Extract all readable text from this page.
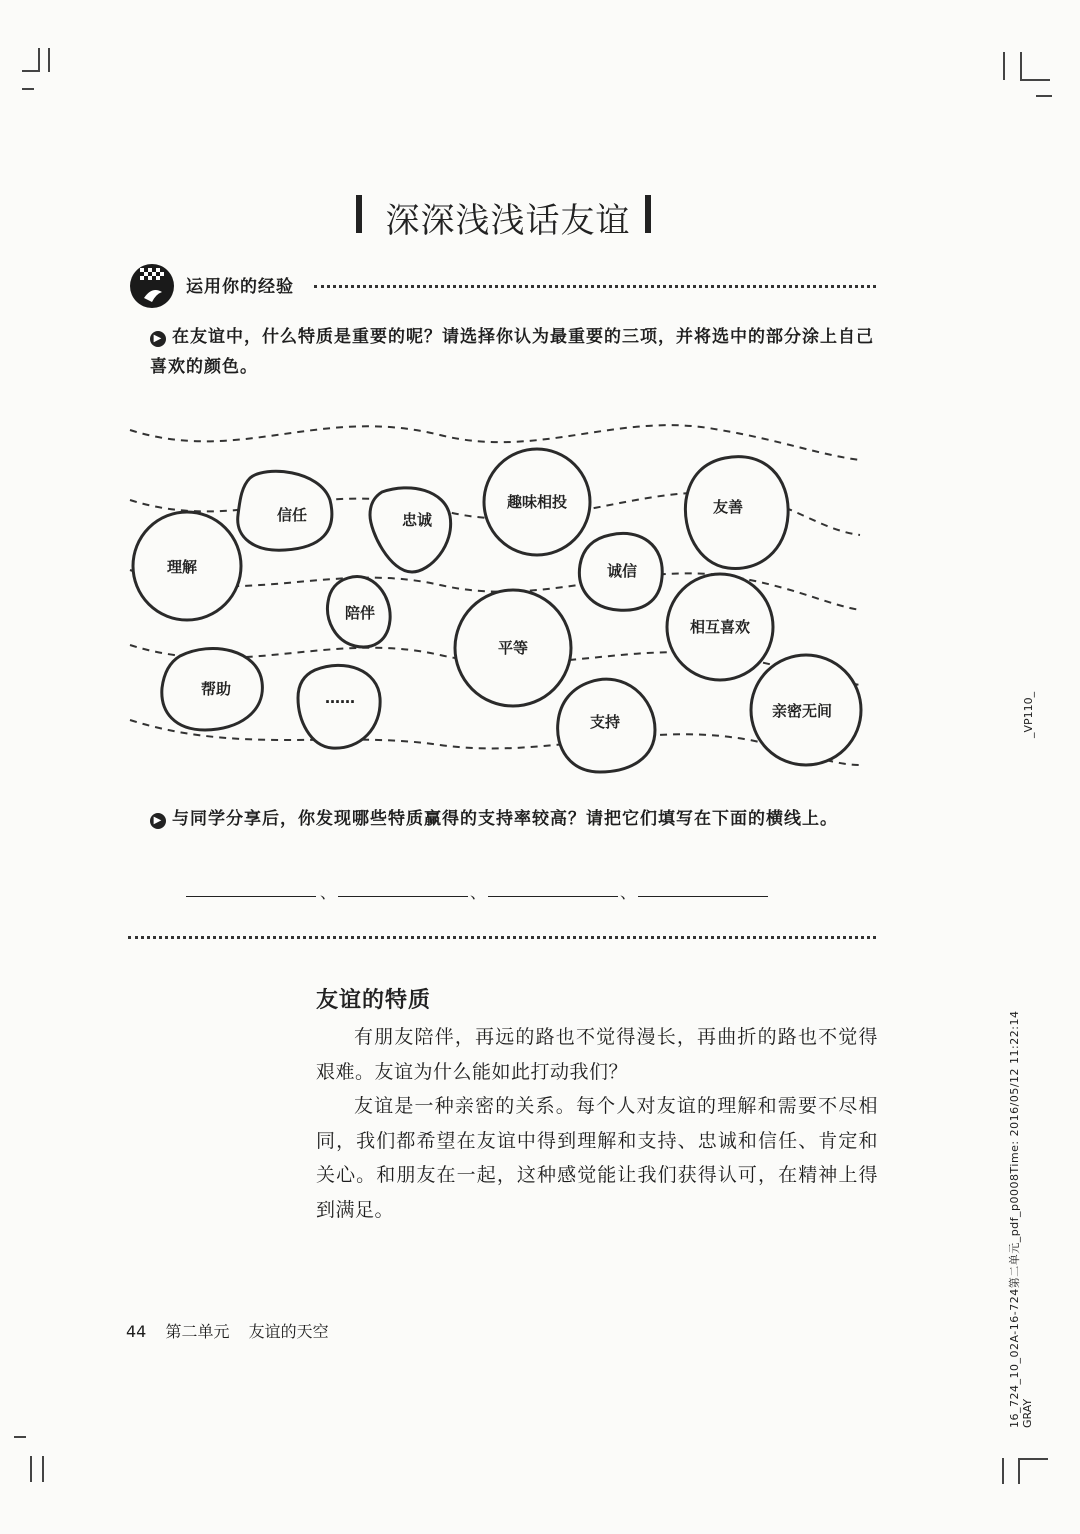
深深浅浅话友谊
运用你的经验
▶ 在友谊中，什么特质是重要的呢？请选择你认为最重要的三项，并将选中的部分涂上自己喜欢的颜色。
信任	忠诚
趣味相投	友善
理解	诚信
陪伴
平等
相互喜欢
帮助	……
支持
亲密无间
▶ 与同学分享后，你发现哪些特质赢得的支持率较高？请把它们填写在下面的横线上。
、	、	、
友谊的特质
有朋友陪伴，再远的路也不觉得漫长，再曲折的路也不觉得艰难。友谊为什么能如此打动我们？
友谊是一种亲密的关系。每个人对友谊的理解和需要不尽相同，我们都希望在友谊中得到理解和支持、忠诚和信任、肯定和关心。和朋友在一起，这种感觉能让我们获得认可，在精神上得到满足。
44 第二单元 友谊的天空	16_724_10_02A-16-724第二单元_pdf_p0008Time: 2016/05/12 11:22:14 GRAY
_VP110_
